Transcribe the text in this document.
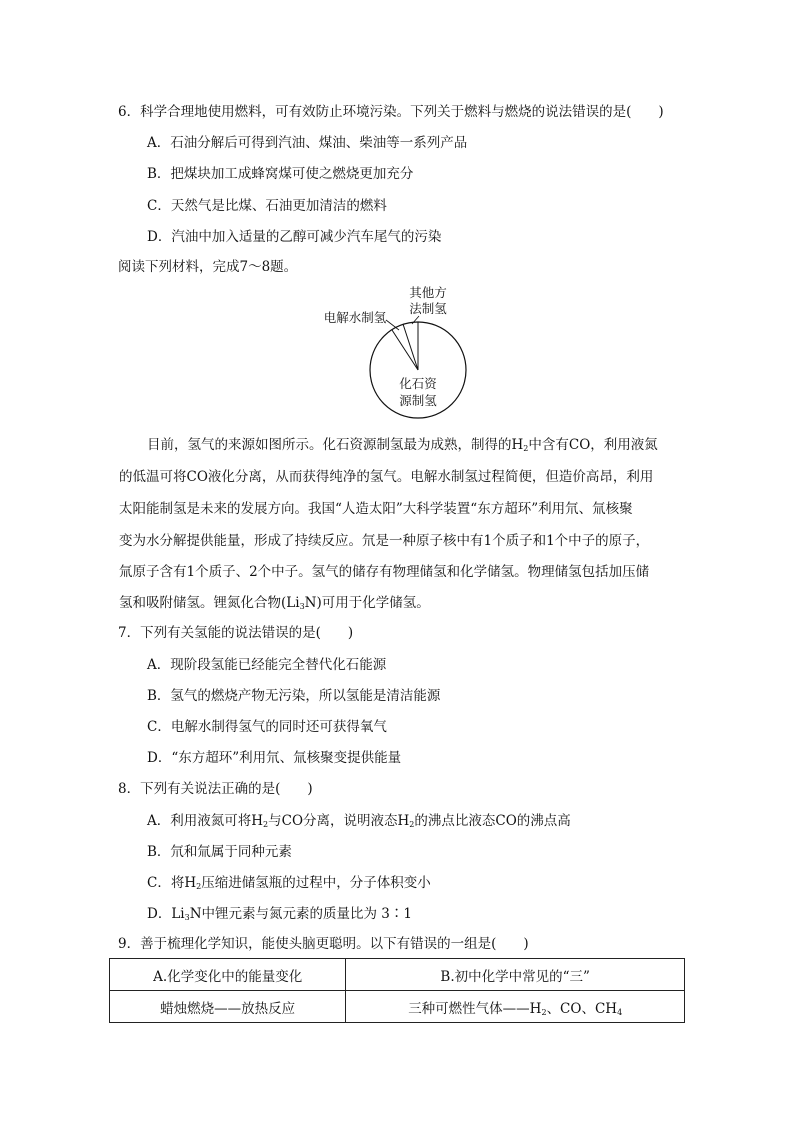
6．科学合理地使用燃料，可有效防止环境污染。下列关于燃料与燃烧的说法错误的是(　　)
A．石油分解后可得到汽油、煤油、柴油等一系列产品
B．把煤块加工成蜂窝煤可使之燃烧更加充分
C．天然气是比煤、石油更加清洁的燃料
D．汽油中加入适量的乙醇可减少汽车尾气的污染
阅读下列材料，完成7～8题。
其他方
法制氢
电解水制氢
化石资
源制氢
目前，氢气的来源如图所示。化石资源制氢最为成熟，制得的$H_2$中含有CO，利用液氮
的低温可将CO液化分离，从而获得纯净的氢气。电解水制氢过程简便，但造价高昂，利用
太阳能制氢是未来的发展方向。我国“人造太阳”大科学装置“东方超环”利用氘、氚核聚
变为水分解提供能量，形成了持续反应。氘是一种原子核中有1个质子和1个中子的原子，
氚原子含有1个质子、2个中子。氢气的储存有物理储氢和化学储氢。物理储氢包括加压储
氢和吸附储氢。锂氮化合物$(Li_3N)$可用于化学储氢。
7．下列有关氢能的说法错误的是(　　)
A．现阶段氢能已经能完全替代化石能源
B．氢气的燃烧产物无污染，所以氢能是清洁能源
C．电解水制得氢气的同时还可获得氧气
D．“东方超环”利用氘、氚核聚变提供能量
8．下列有关说法正确的是(　　)
A．利用液氮可将$H_2$与CO分离，说明液态$H_2$的沸点比液态CO的沸点高
B．氘和氚属于同种元素
C．将$H_2$压缩进储氢瓶的过程中，分子体积变小
D．$Li_3N$中锂元素与氮元素的质量比为 3∶1
9．善于梳理化学知识，能使头脑更聪明。以下有错误的一组是(　　)
A.化学变化中的能量变化	B.初中化学中常见的“三”
蜡烛燃烧——放热反应	三种可燃性气体$——H_2$、CO、$CH_4$
